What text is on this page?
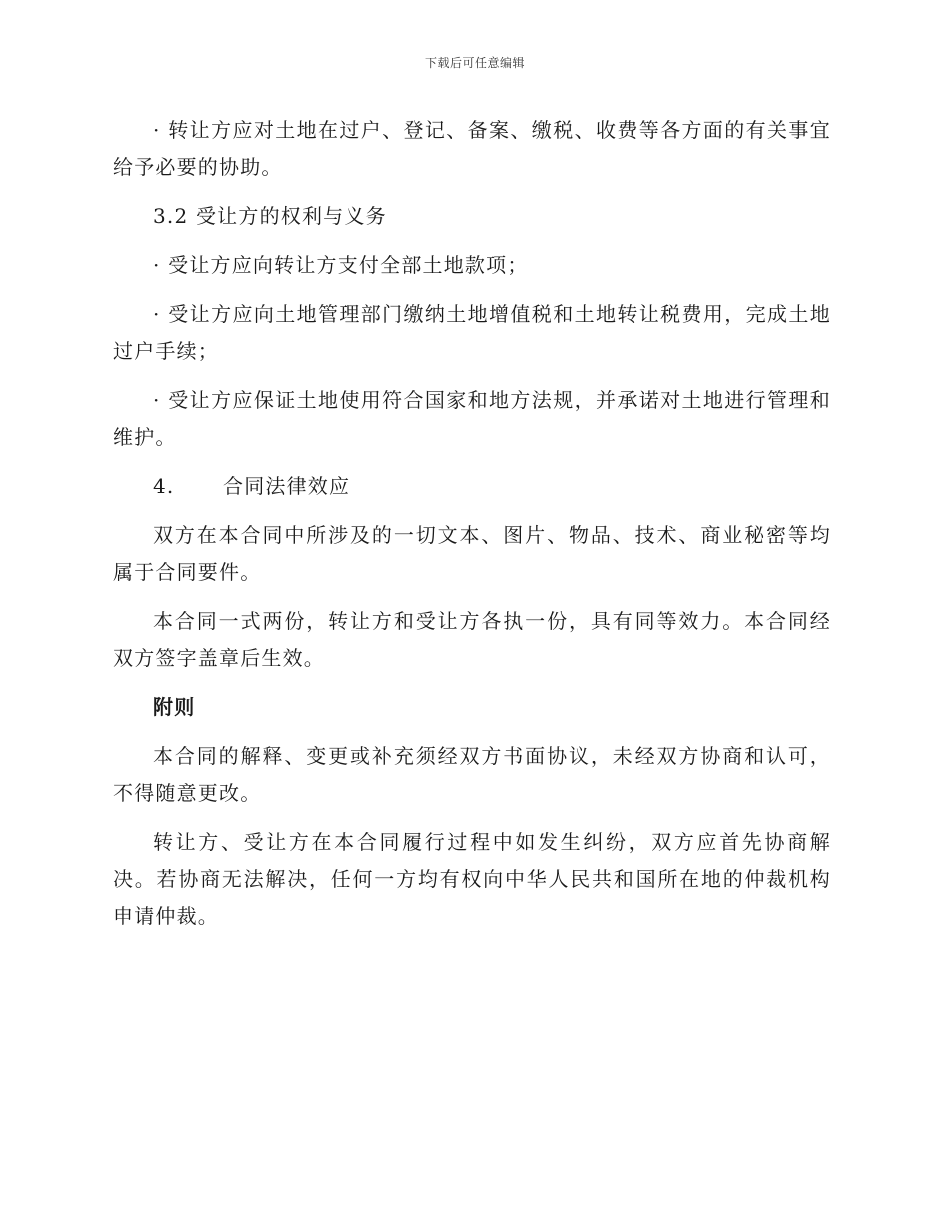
下载后可任意编辑

· 转让方应对土地在过户、登记、备案、缴税、收费等各方面的有关事宜给予必要的协助。

3.2 受让方的权利与义务

· 受让方应向转让方支付全部土地款项；

· 受让方应向土地管理部门缴纳土地增值税和土地转让税费用，完成土地过户手续；

· 受让方应保证土地使用符合国家和地方法规，并承诺对土地进行管理和维护。

4. 合同法律效应

双方在本合同中所涉及的一切文本、图片、物品、技术、商业秘密等均属于合同要件。

本合同一式两份，转让方和受让方各执一份，具有同等效力。本合同经双方签字盖章后生效。

附则

本合同的解释、变更或补充须经双方书面协议，未经双方协商和认可，不得随意更改。

转让方、受让方在本合同履行过程中如发生纠纷，双方应首先协商解决。若协商无法解决，任何一方均有权向中华人民共和国所在地的仲裁机构申请仲裁。
